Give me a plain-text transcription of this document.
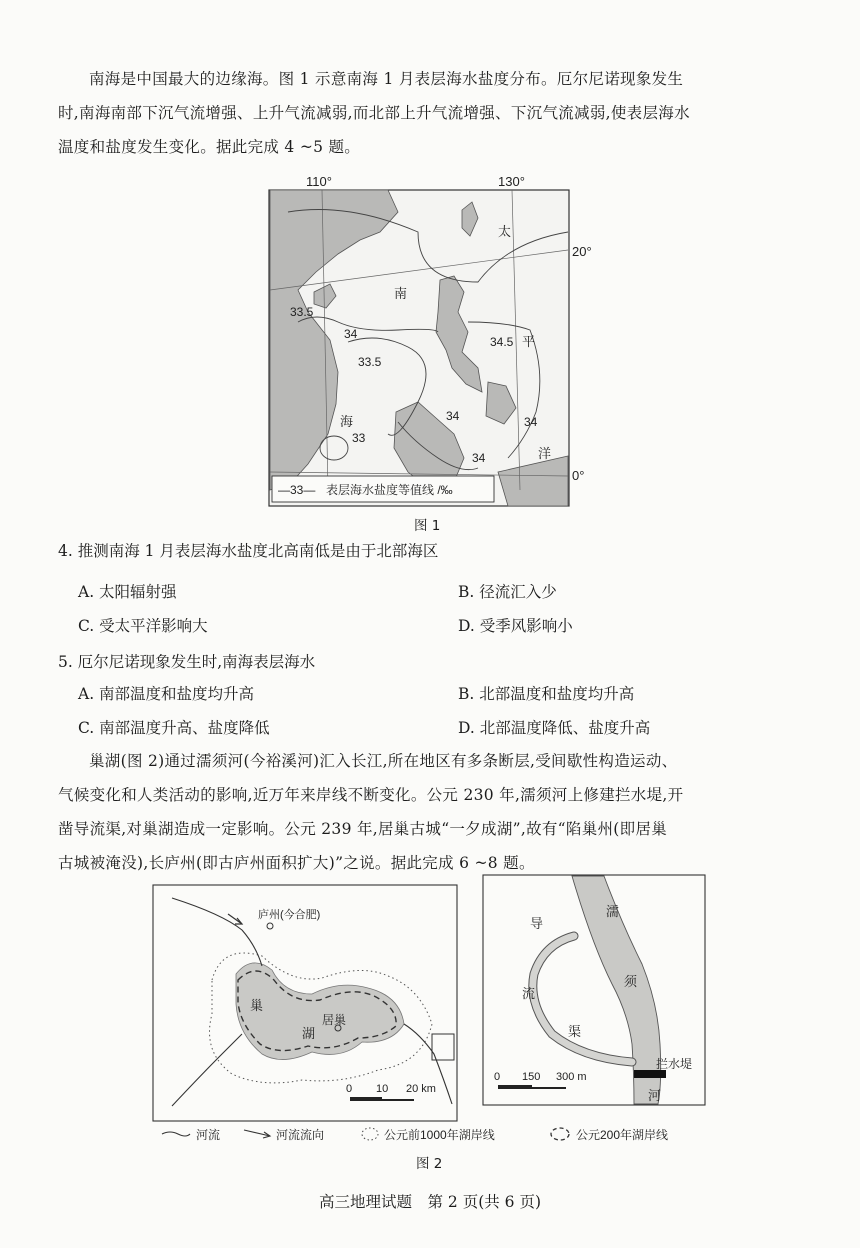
南海是中国最大的边缘海。图 1 示意南海 1 月表层海水盐度分布。厄尔尼诺现象发生
时,南海南部下沉气流增强、上升气流减弱,而北部上升气流增强、下沉气流减弱,使表层海水
温度和盐度发生变化。据此完成 4 ~5 题。
110°	130°
33.5
34
33.5
34.5
34	34
34
33
南
海
太
平
洋
20°
0°
—33— 表层海水盐度等值线 /‰
图 1
4. 推测南海 1 月表层海水盐度北高南低是由于北部海区
A. 太阳辐射强	B. 径流汇入少
C. 受太平洋影响大	D. 受季风影响小
5. 厄尔尼诺现象发生时,南海表层海水
A. 南部温度和盐度均升高	B. 北部温度和盐度均升高
C. 南部温度升高、盐度降低	D. 北部温度降低、盐度升高
巢湖(图 2)通过濡须河(今裕溪河)汇入长江,所在地区有多条断层,受间歇性构造运动、
气候变化和人类活动的影响,近万年来岸线不断变化。公元 230 年,濡须河上修建拦水堤,开
凿导流渠,对巢湖造成一定影响。公元 239 年,居巢古城“一夕成湖”,故有“陷巢州(即居巢
古城被淹没),长庐州(即古庐州面积扩大)”之说。据此完成 6 ~8 题。
庐州(今合肥)
居巢
巢
湖
0 10 20 km
拦水堤
濡
须
河
导
流
渠
0 150 300 m
河流	河流流向	公元前1000年湖岸线	公元200年湖岸线
图 2
高三地理试题　第 2 页(共 6 页)
